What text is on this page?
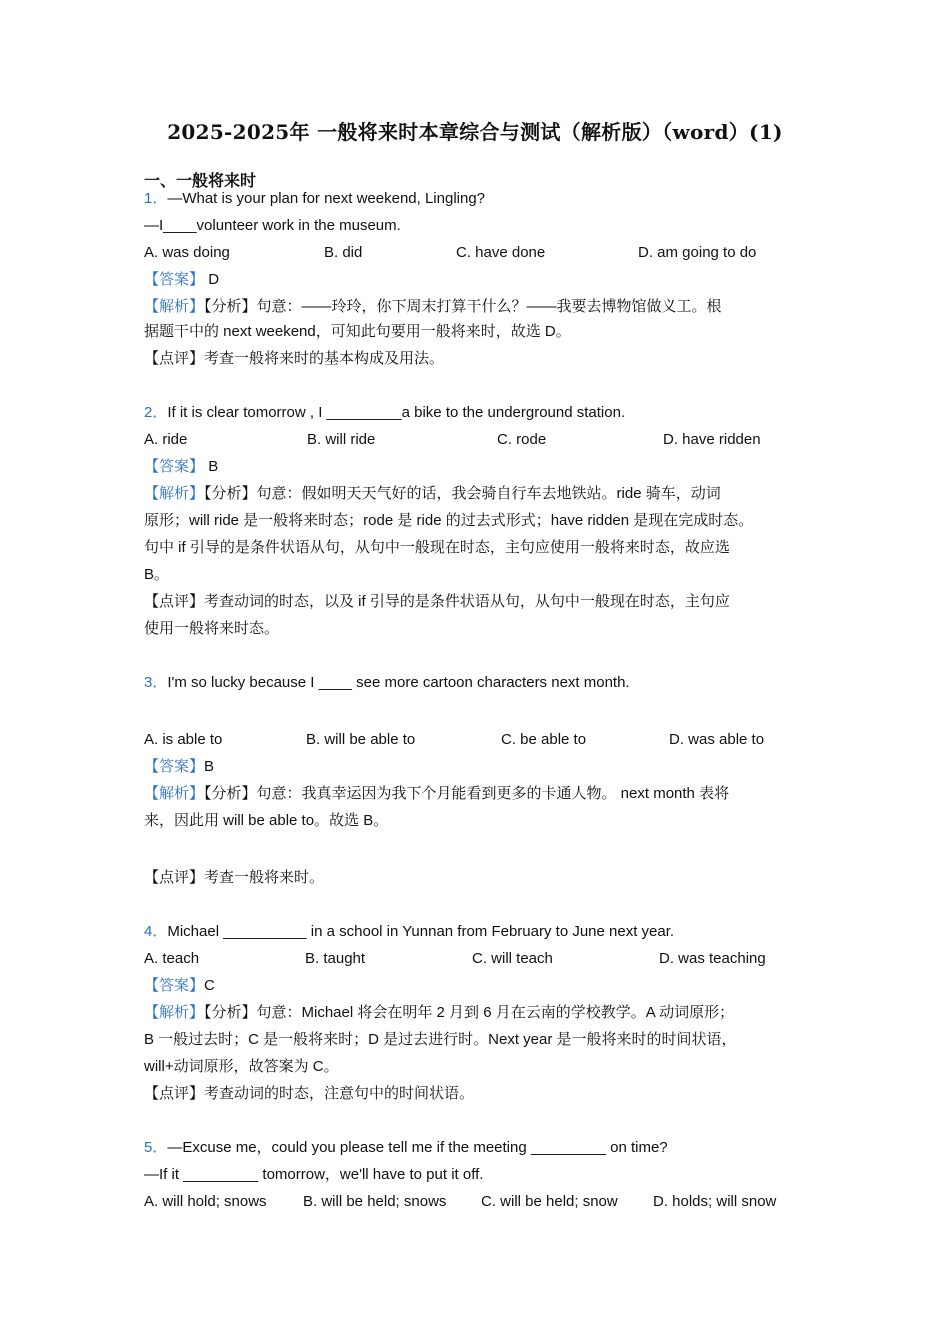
2025-2025年 一般将来时本章综合与测试（解析版）（word）(1)
一、一般将来时
1．—What is your plan for next weekend, Lingling?
—I____volunteer work in the museum.
A. was doing	B. did	C. have done	D. am going to do
【答案】 D
【解析】【分析】句意：——玲玲，你下周末打算干什么？——我要去博物馆做义工。根
据题干中的 next weekend，可知此句要用一般将来时，故选 D。
【点评】考查一般将来时的基本构成及用法。
2．If it is clear tomorrow , I _________a bike to the underground station.
A. ride	B. will ride	C. rode	D. have ridden
【答案】 B
【解析】【分析】句意：假如明天天气好的话，我会骑自行车去地铁站。ride 骑车，动词
原形；will ride 是一般将来时态；rode 是 ride 的过去式形式；have ridden 是现在完成时态。
句中 if 引导的是条件状语从句，从句中一般现在时态，主句应使用一般将来时态，故应选
B。
【点评】考查动词的时态，以及 if 引导的是条件状语从句，从句中一般现在时态，主句应
使用一般将来时态。
3．I'm so lucky because I ____ see more cartoon characters next month.
A. is able to	B. will be able to	C. be able to	D. was able to
【答案】B
【解析】【分析】句意：我真幸运因为我下个月能看到更多的卡通人物。 next month 表将
来，因此用 will be able to。故选 B。
【点评】考查一般将来时。
4．Michael __________ in a school in Yunnan from February to June next year.
A. teach	B. taught	C. will teach	D. was teaching
【答案】C
【解析】【分析】句意：Michael 将会在明年 2 月到 6 月在云南的学校教学。A 动词原形；
B 一般过去时；C 是一般将来时；D 是过去进行时。Next year 是一般将来时的时间状语，
will+动词原形，故答案为 C。
【点评】考查动词的时态，注意句中的时间状语。
5．—Excuse me，could you please tell me if the meeting _________ on time?
—If it _________ tomorrow，we'll have to put it off.
A. will hold; snows B. will be held; snows C. will be held; snow D. holds; will snow
